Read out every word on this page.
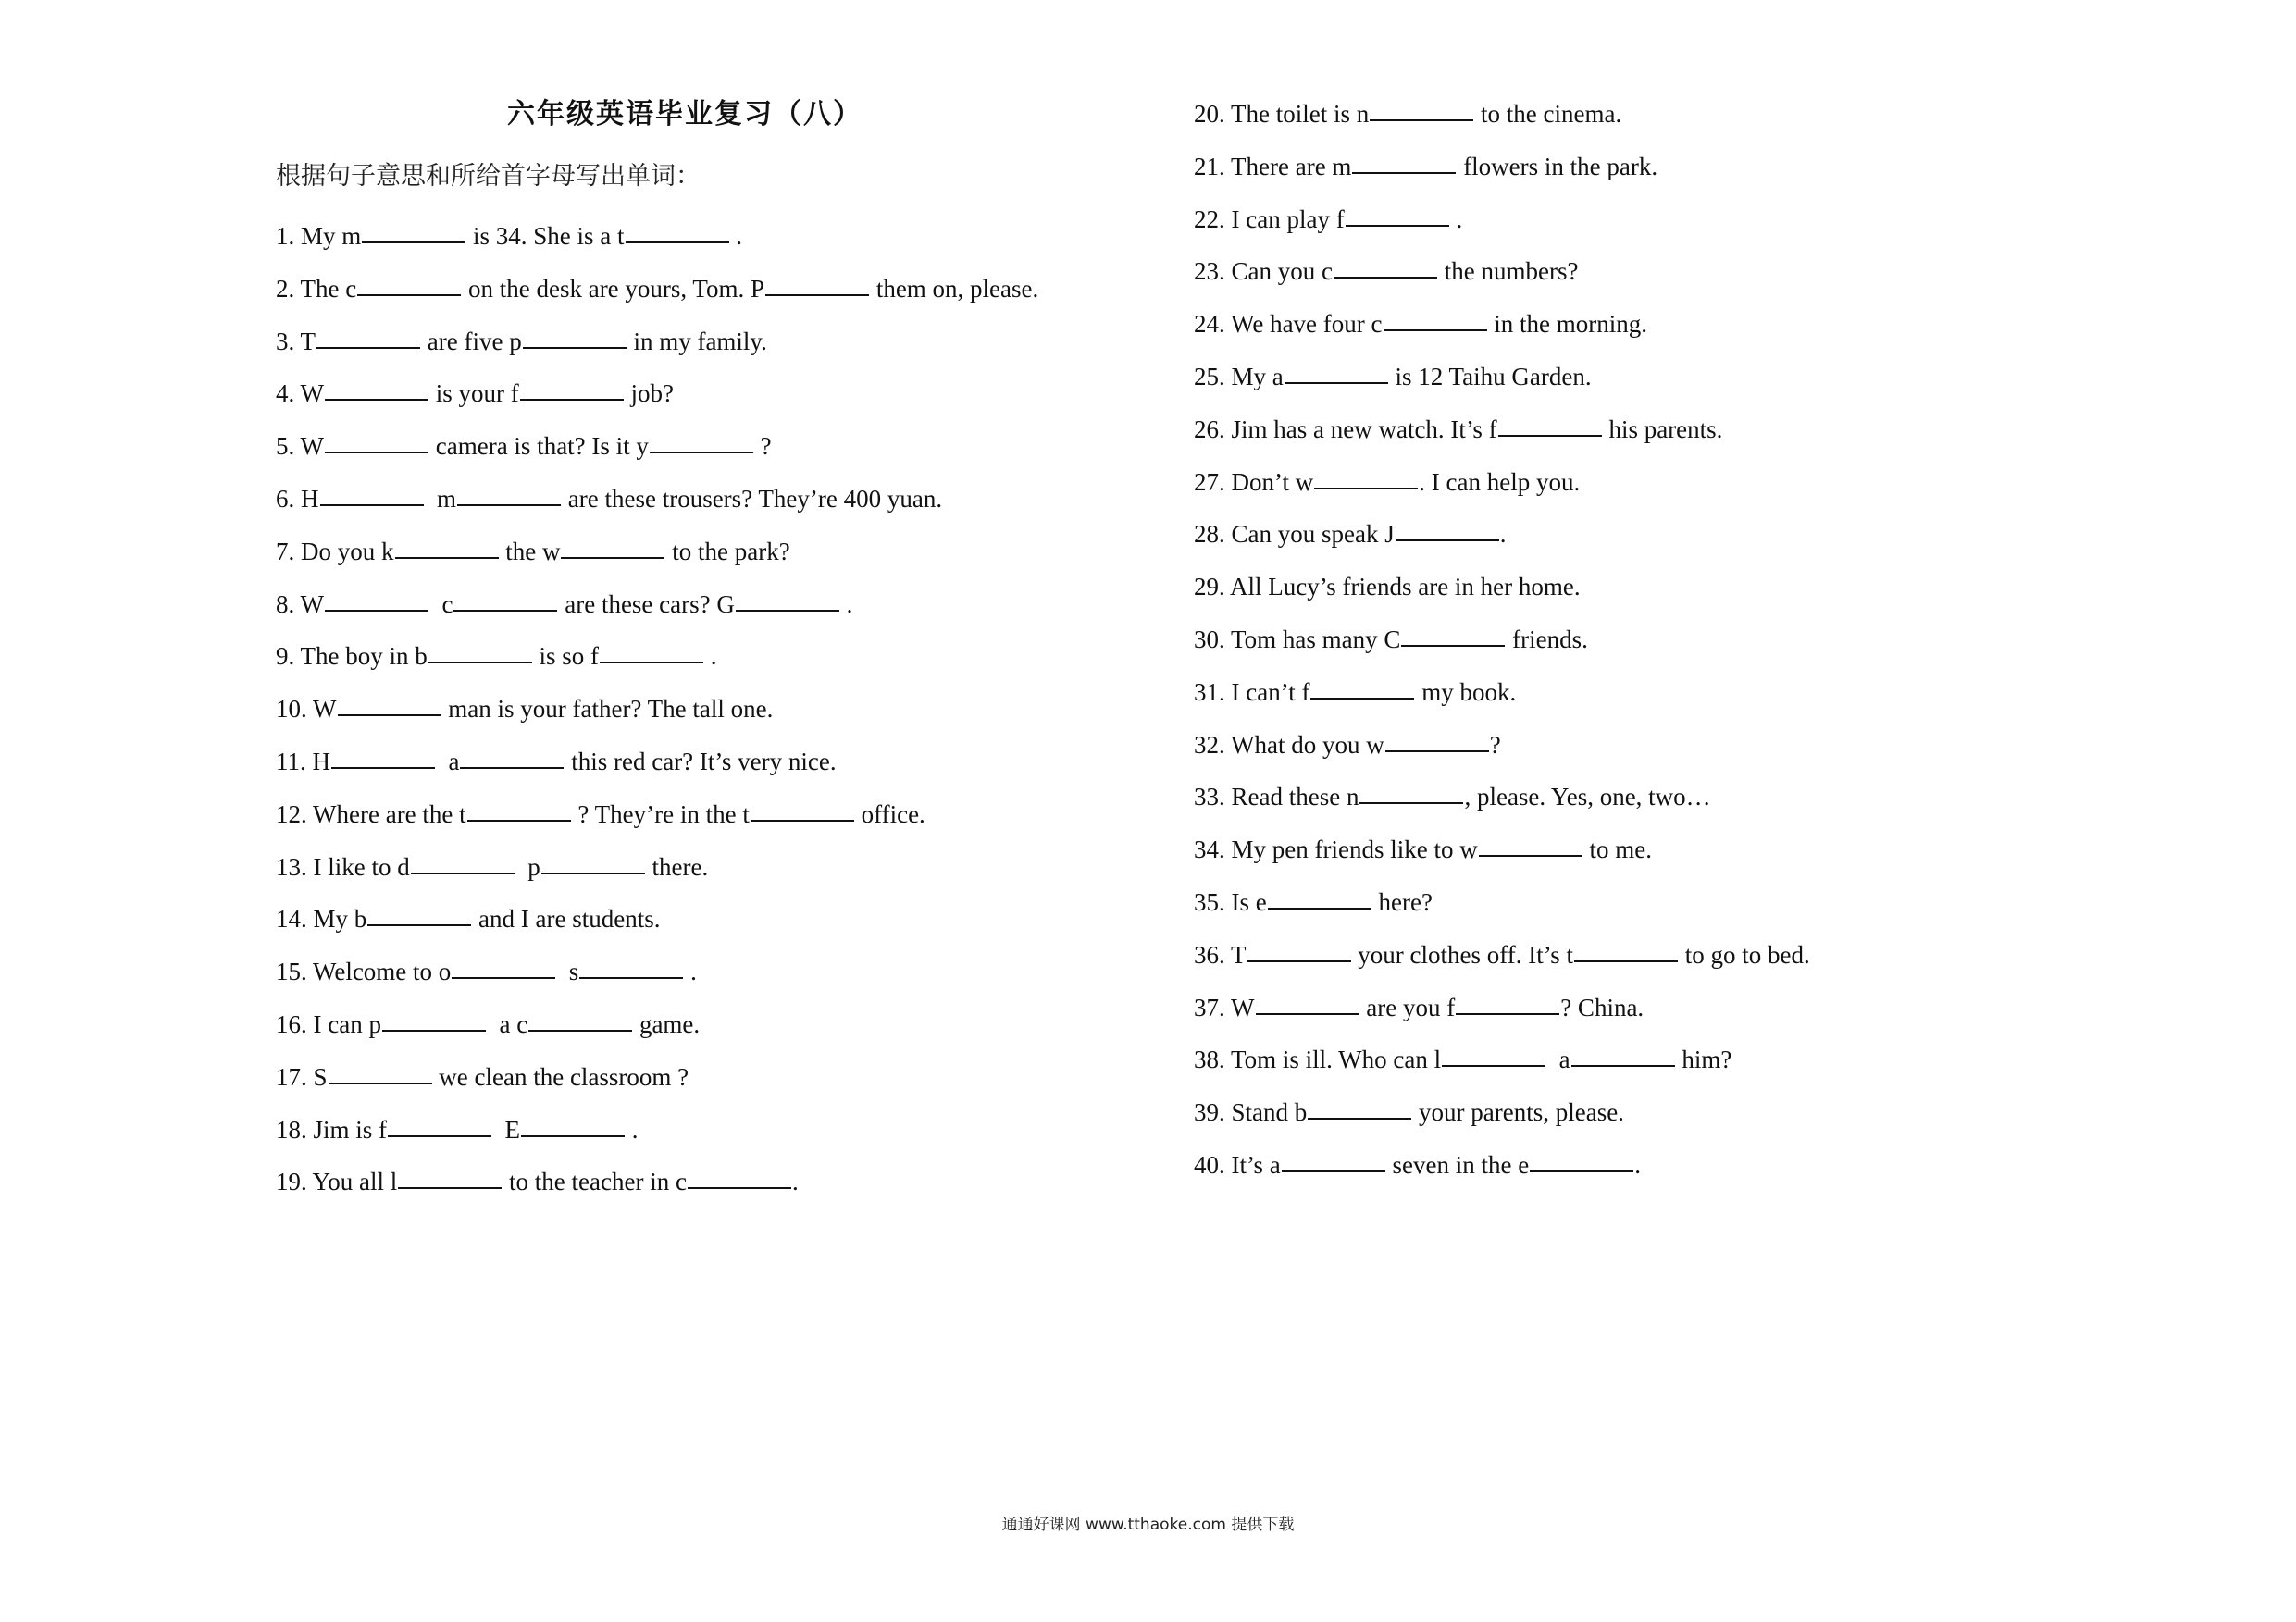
六年级英语毕业复习（八）
根据句子意思和所给首字母写出单词：
1. My m	is 34. She is a t	.
2. The c	on the desk are yours, Tom. P	them on, please.
3. T	are five p	in my family.
4. W	is your f	job?
5. W	camera is that? Is it y	?
6. H	m	are these trousers? They’re 400 yuan.
7. Do you k	the w	to the park?
8. W	c	are these cars? G	.
9. The boy in b	is so f	.
10. W	man is your father? The tall one.
11. H	a	this red car? It’s very nice.
12. Where are the t	? They’re in the t	office.
13. I like to d	p	there.
14. My b	and I are students.
15. Welcome to o	s	.
16. I can p	a c	game.
17. S	we clean the classroom ?
18. Jim is f	E	.
19. You all l	to the teacher in c	.
20. The toilet is n	to the cinema.
21. There are m	flowers in the park.
22. I can play f	.
23. Can you c	the numbers?
24. We have four c	in the morning.
25. My a	is 12 Taihu Garden.
26. Jim has a new watch. It’s f	his parents.
27. Don’t w	. I can help you.
28. Can you speak J	.
29. All Lucy’s friends are in her home.
30. Tom has many C	friends.
31. I can’t f	my book.
32. What do you w	?
33. Read these n	, please. Yes, one, two…
34. My pen friends like to w	to me.
35. Is e	here?
36. T	your clothes off. It’s t	to go to bed.
37. W	are you f	? China.
38. Tom is ill. Who can l	a	him?
39. Stand b	your parents, please.
40. It’s a	seven in the e	.
通通好课网 www.tthaoke.com 提供下载
